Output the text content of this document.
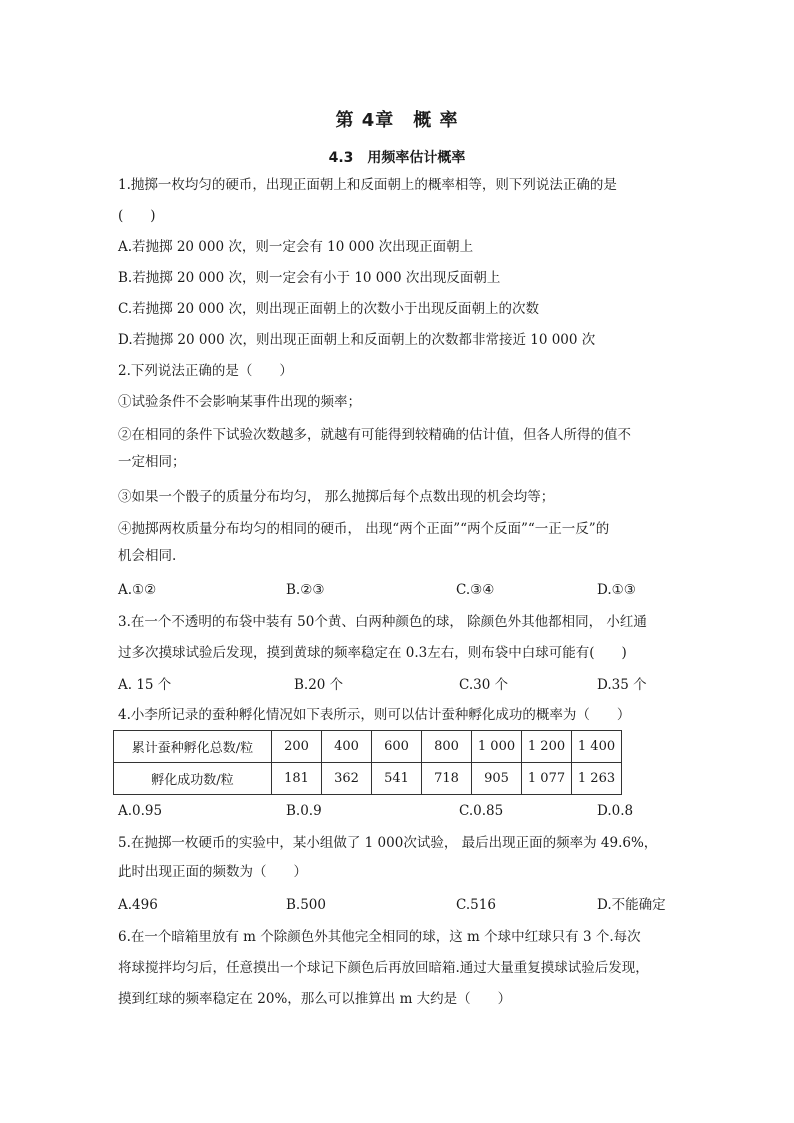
第 4章　概 率
4.3　用频率估计概率
1.抛掷一枚均匀的硬币，出现正面朝上和反面朝上的概率相等，则下列说法正确的是
(　　)
A.若抛掷 20 000 次，则一定会有 10 000 次出现正面朝上
B.若抛掷 20 000 次，则一定会有小于 10 000 次出现反面朝上
C.若抛掷 20 000 次，则出现正面朝上的次数小于出现反面朝上的次数
D.若抛掷 20 000 次，则出现正面朝上和反面朝上的次数都非常接近 10 000 次
2.下列说法正确的是（　　）
①试验条件不会影响某事件出现的频率；
②在相同的条件下试验次数越多，就越有可能得到较精确的估计值，但各人所得的值不
一定相同；
③如果一个骰子的质量分布均匀， 那么抛掷后每个点数出现的机会均等；
④抛掷两枚质量分布均匀的相同的硬币， 出现“两个正面”“两个反面”“一正一反”的
机会相同.
A.①②	B.②③	C.③④	D.①③
3.在一个不透明的布袋中装有 50个黄、白两种颜色的球， 除颜色外其他都相同， 小红通
过多次摸球试验后发现，摸到黄球的频率稳定在 0.3左右，则布袋中白球可能有(　　)
A. 15 个	B.20 个	C.30 个	D.35 个
4.小李所记录的蚕种孵化情况如下表所示，则可以估计蚕种孵化成功的概率为（　　）
累计蚕种孵化总数/粒	200	400	600	800	1 000	1 200	1 400
孵化成功数/粒	181	362	541	718	905	1 077	1 263
A.0.95	B.0.9	C.0.85	D.0.8
5.在抛掷一枚硬币的实验中，某小组做了 1 000次试验， 最后出现正面的频率为 49.6%，
此时出现正面的频数为（　　）
A.496	B.500	C.516	D.不能确定
6.在一个暗箱里放有 m 个除颜色外其他完全相同的球，这 m 个球中红球只有 3 个.每次
将球搅拌均匀后，任意摸出一个球记下颜色后再放回暗箱.通过大量重复摸球试验后发现，
摸到红球的频率稳定在 20%，那么可以推算出 m 大约是（　　）
